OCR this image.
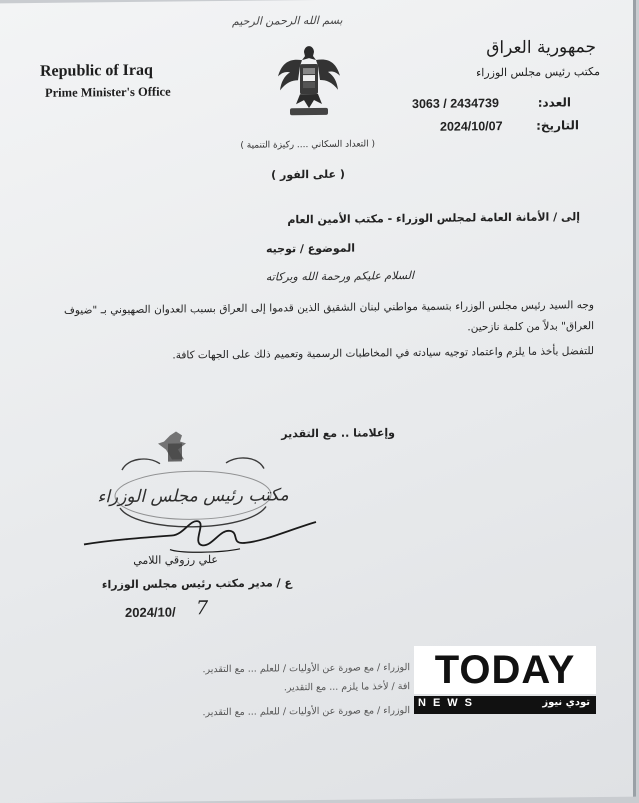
بسم الله الرحمن الرحيم
Republic of Iraq
Prime Minister's Office
جمهورية العراق
مكتب رئيس مجلس الوزراء
العدد:
3063 / 2434739
التاريخ:
2024/10/07
( التعداد السكاني .... ركيزة التنمية )
( على الفور )
إلى / الأمانة العامة لمجلس الوزراء - مكتب الأمين العام
الموضوع / توجيه
السلام عليكم ورحمة الله وبركاته

وجه السيد رئيس مجلس الوزراء بتسمية مواطني لبنان الشقيق الذين قدموا إلى العراق بسبب العدوان الصهيوني بـ "ضيوف العراق" بدلاً من كلمة نازحين.

للتفضل بأخذ ما يلزم واعتماد توجيه سيادته في المخاطبات الرسمية وتعميم ذلك على الجهات كافة.

وإعلامنا .. مع التقدير
مكتب رئيس مجلس الوزراء
علي رزوقي اللامي
ع / مدير مكتب رئيس مجلس الوزراء
2024/10/ 7
الوزراء / مع صورة عن الأوليات / للعلم ... مع التقدير.
افة / لأخذ ما يلزم ... مع التقدير.
الوزراء / مع صورة عن الأوليات / للعلم ... مع التقدير.
TODAY
NEWS	تودي نيوز
